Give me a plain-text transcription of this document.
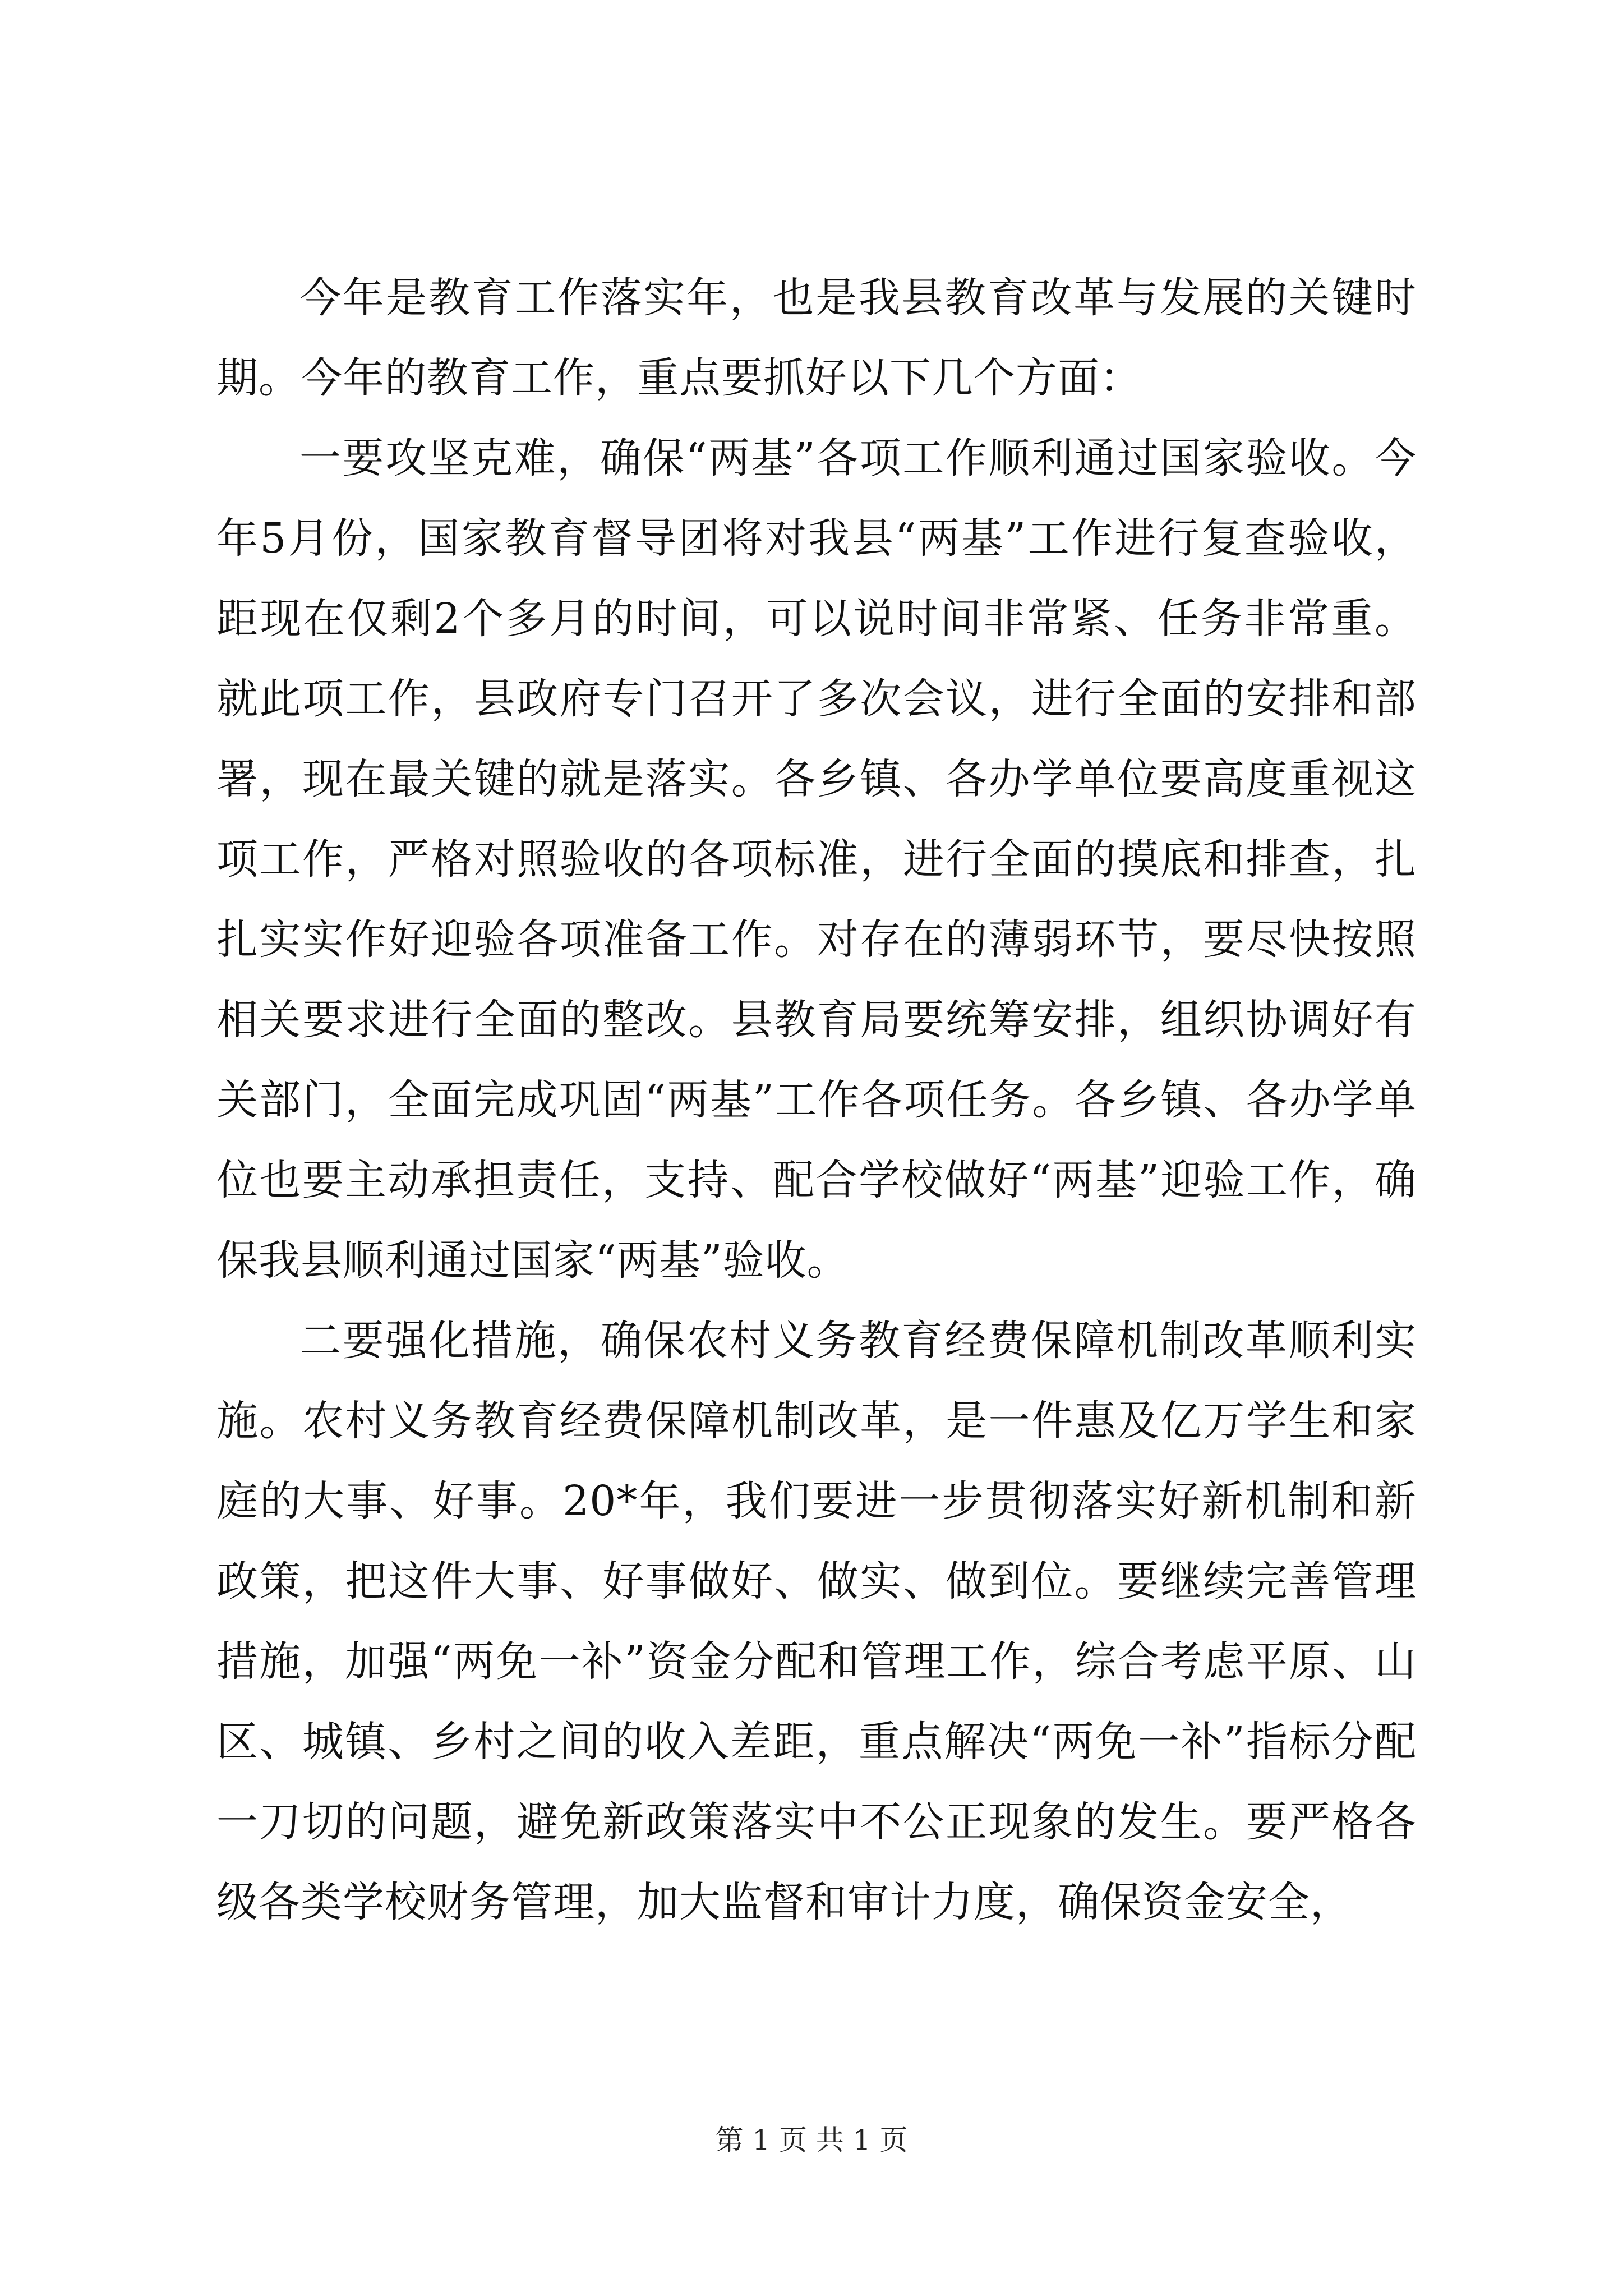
今年是教育工作落实年，也是我县教育改革与发展的关键时期。今年的教育工作，重点要抓好以下几个方面：

一要攻坚克难，确保“两基”各项工作顺利通过国家验收。今年5月份，国家教育督导团将对我县“两基”工作进行复查验收，距现在仅剩2个多月的时间，可以说时间非常紧、任务非常重。就此项工作，县政府专门召开了多次会议，进行全面的安排和部署，现在最关键的就是落实。各乡镇、各办学单位要高度重视这项工作，严格对照验收的各项标准，进行全面的摸底和排查，扎扎实实作好迎验各项准备工作。对存在的薄弱环节，要尽快按照相关要求进行全面的整改。县教育局要统筹安排，组织协调好有关部门，全面完成巩固“两基”工作各项任务。各乡镇、各办学单位也要主动承担责任，支持、配合学校做好“两基”迎验工作，确保我县顺利通过国家“两基”验收。

二要强化措施，确保农村义务教育经费保障机制改革顺利实施。农村义务教育经费保障机制改革，是一件惠及亿万学生和家庭的大事、好事。20*年，我们要进一步贯彻落实好新机制和新政策，把这件大事、好事做好、做实、做到位。要继续完善管理措施，加强“两免一补”资金分配和管理工作，综合考虑平原、山区、城镇、乡村之间的收入差距，重点解决“两免一补”指标分配一刀切的问题，避免新政策落实中不公正现象的发生。要严格各级各类学校财务管理，加大监督和审计力度，确保资金安全，

第 1 页 共 1 页
